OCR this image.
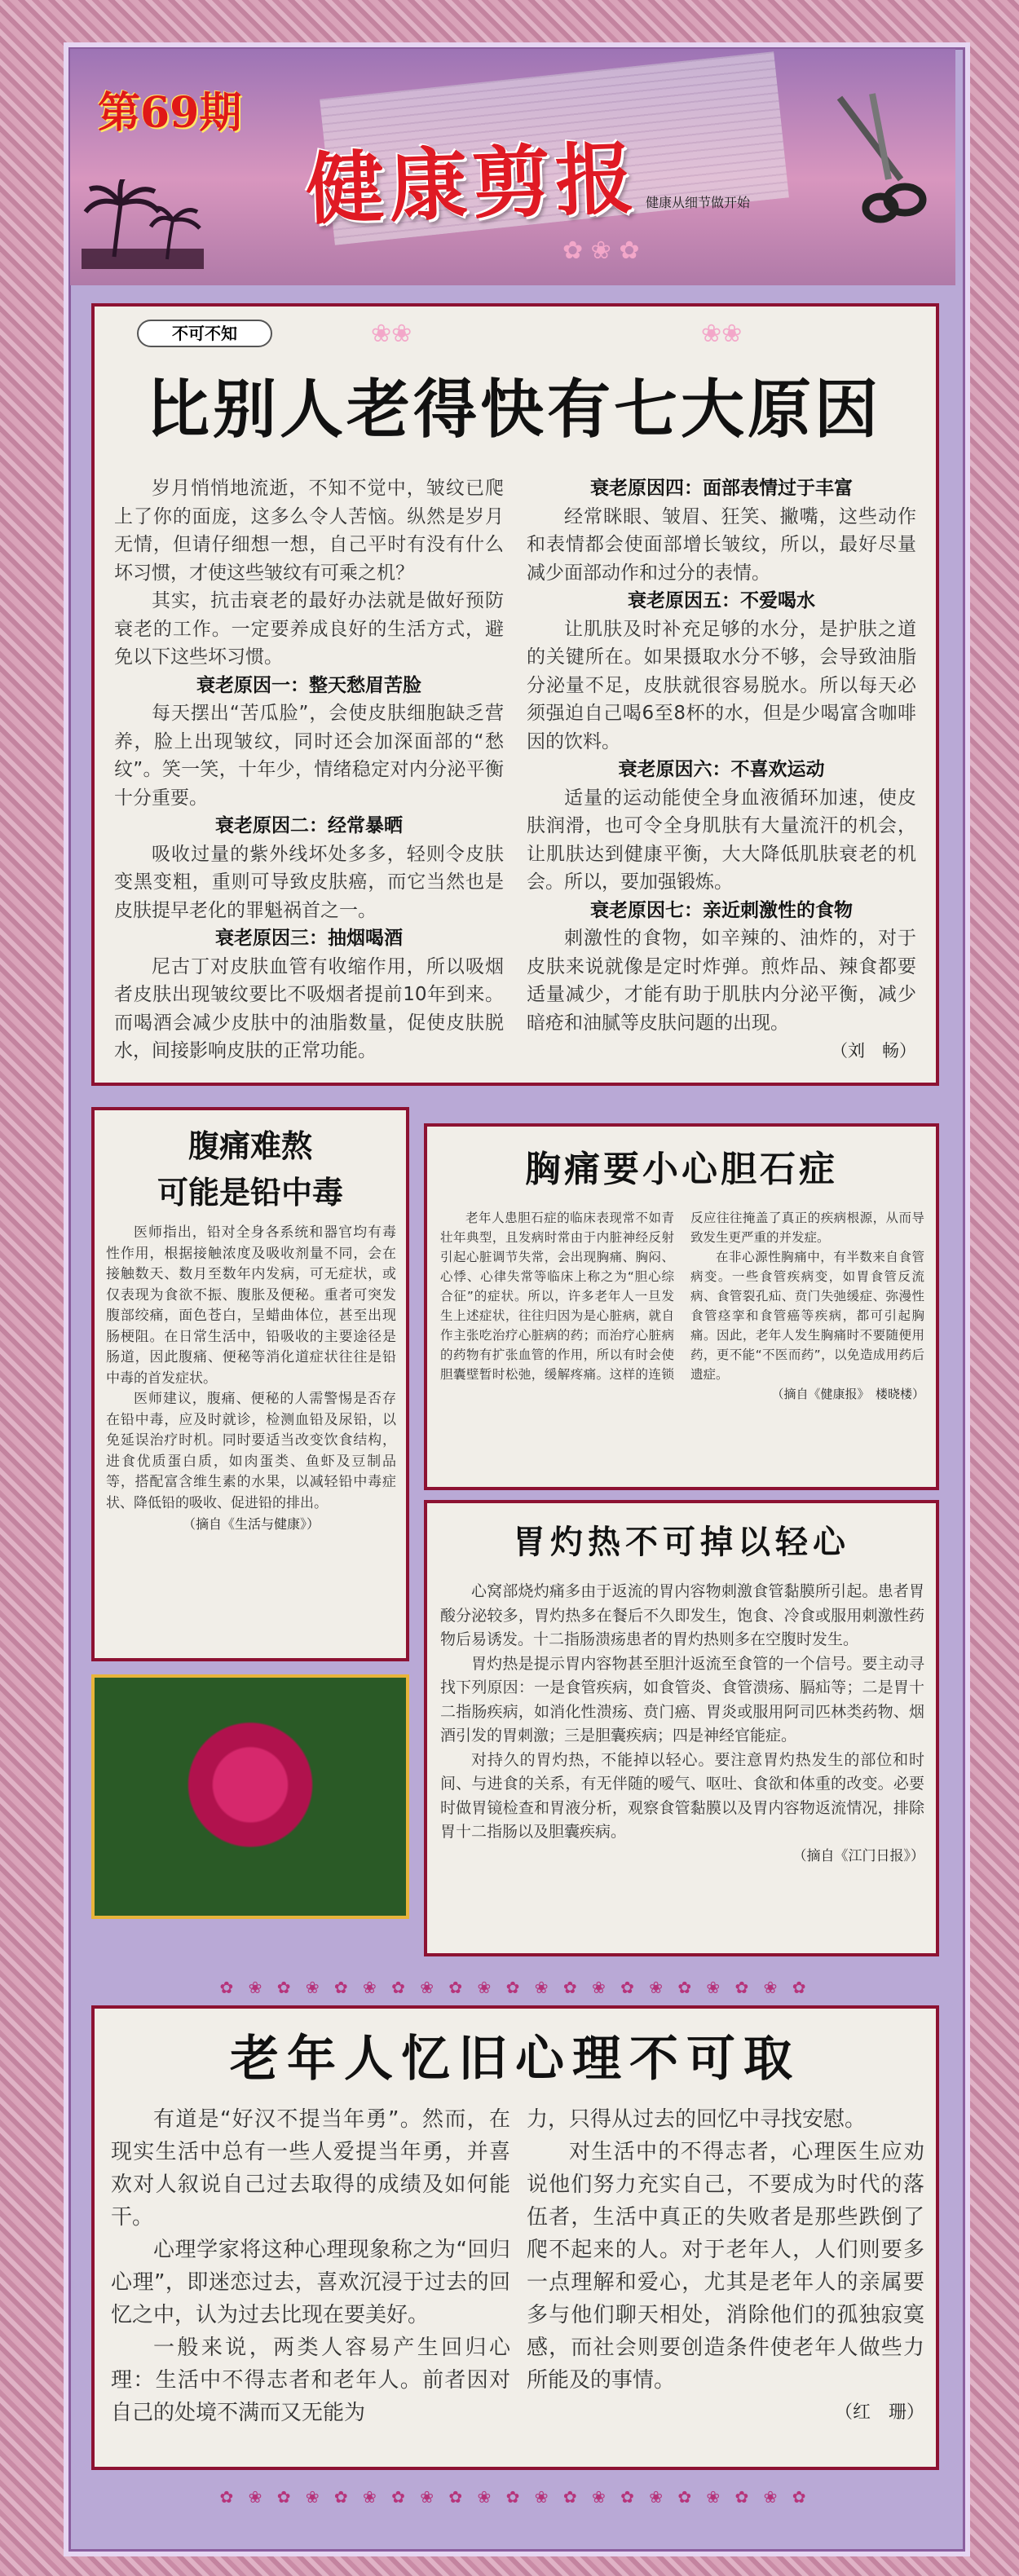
第69期
健康剪报 健康从细节做开始
✿ ❀ ✿
不可不知	❀❀	❀❀
比别人老得快有七大原因

岁月悄悄地流逝，不知不觉中，皱纹已爬上了你的面庞，这多么令人苦恼。纵然是岁月无情，但请仔细想一想，自己平时有没有什么坏习惯，才使这些皱纹有可乘之机？

其实，抗击衰老的最好办法就是做好预防衰老的工作。一定要养成良好的生活方式，避免以下这些坏习惯。

衰老原因一：整天愁眉苦脸

每天摆出“苦瓜脸”，会使皮肤细胞缺乏营养，脸上出现皱纹，同时还会加深面部的“愁纹”。笑一笑，十年少，情绪稳定对内分泌平衡十分重要。

衰老原因二：经常暴晒

吸收过量的紫外线坏处多多，轻则令皮肤变黑变粗，重则可导致皮肤癌，而它当然也是皮肤提早老化的罪魁祸首之一。

衰老原因三：抽烟喝酒

尼古丁对皮肤血管有收缩作用，所以吸烟者皮肤出现皱纹要比不吸烟者提前10年到来。而喝酒会减少皮肤中的油脂数量，促使皮肤脱水，间接影响皮肤的正常功能。

衰老原因四：面部表情过于丰富

经常眯眼、皱眉、狂笑、撇嘴，这些动作和表情都会使面部增长皱纹，所以，最好尽量减少面部动作和过分的表情。

衰老原因五：不爱喝水

让肌肤及时补充足够的水分，是护肤之道的关键所在。如果摄取水分不够，会导致油脂分泌量不足，皮肤就很容易脱水。所以每天必须强迫自己喝6至8杯的水，但是少喝富含咖啡因的饮料。

衰老原因六：不喜欢运动

适量的运动能使全身血液循环加速，使皮肤润滑，也可令全身肌肤有大量流汗的机会，让肌肤达到健康平衡，大大降低肌肤衰老的机会。所以，要加强锻炼。

衰老原因七：亲近刺激性的食物

刺激性的食物，如辛辣的、油炸的，对于皮肤来说就像是定时炸弹。煎炸品、辣食都要适量减少，才能有助于肌肤内分泌平衡，减少暗疮和油腻等皮肤问题的出现。

（刘　畅）
腹痛难熬
可能是铅中毒

医师指出，铅对全身各系统和器官均有毒性作用，根据接触浓度及吸收剂量不同，会在接触数天、数月至数年内发病，可无症状，或仅表现为食欲不振、腹胀及便秘。重者可突发腹部绞痛，面色苍白，呈蜡曲体位，甚至出现肠梗阻。在日常生活中，铅吸收的主要途径是肠道，因此腹痛、便秘等消化道症状往往是铅中毒的首发症状。

医师建议，腹痛、便秘的人需警惕是否存在铅中毒，应及时就诊，检测血铅及尿铅，以免延误治疗时机。同时要适当改变饮食结构，进食优质蛋白质，如肉蛋类、鱼虾及豆制品等，搭配富含维生素的水果，以减轻铅中毒症状、降低铅的吸收、促进铅的排出。

（摘自《生活与健康》）
胸痛要小心胆石症

老年人患胆石症的临床表现常不如青壮年典型，且发病时常由于内脏神经反射引起心脏调节失常，会出现胸痛、胸闷、心悸、心律失常等临床上称之为“胆心综合征”的症状。所以，许多老年人一旦发生上述症状，往往归因为是心脏病，就自作主张吃治疗心脏病的药；而治疗心脏病的药物有扩张血管的作用，所以有时会使胆囊壁暂时松弛，缓解疼痛。这样的连锁反应往往掩盖了真正的疾病根源，从而导致发生更严重的并发症。

在非心源性胸痛中，有半数来自食管病变。一些食管疾病变，如胃食管反流病、食管裂孔疝、贲门失弛缓症、弥漫性食管痉挛和食管癌等疾病，都可引起胸痛。因此，老年人发生胸痛时不要随便用药，更不能“不医而药”，以免造成用药后遗症。

（摘自《健康报》　楼晓楼）
胃灼热不可掉以轻心

心窝部烧灼痛多由于返流的胃内容物刺激食管黏膜所引起。患者胃酸分泌较多，胃灼热多在餐后不久即发生，饱食、冷食或服用刺激性药物后易诱发。十二指肠溃疡患者的胃灼热则多在空腹时发生。

胃灼热是提示胃内容物甚至胆汁返流至食管的一个信号。要主动寻找下列原因：一是食管疾病，如食管炎、食管溃疡、膈疝等；二是胃十二指肠疾病，如消化性溃疡、贲门癌、胃炎或服用阿司匹林类药物、烟酒引发的胃刺激；三是胆囊疾病；四是神经官能症。

对持久的胃灼热，不能掉以轻心。要注意胃灼热发生的部位和时间、与进食的关系，有无伴随的嗳气、呕吐、食欲和体重的改变。必要时做胃镜检查和胃液分析，观察食管黏膜以及胃内容物返流情况，排除胃十二指肠以及胆囊疾病。

（摘自《江门日报》）
✿ ❀ ✿ ❀ ✿ ❀ ✿ ❀ ✿ ❀ ✿ ❀ ✿ ❀ ✿ ❀ ✿ ❀ ✿ ❀ ✿
老年人忆旧心理不可取

有道是“好汉不提当年勇”。然而，在现实生活中总有一些人爱提当年勇，并喜欢对人叙说自己过去取得的成绩及如何能干。

心理学家将这种心理现象称之为“回归心理”，即迷恋过去，喜欢沉浸于过去的回忆之中，认为过去比现在要美好。

一般来说，两类人容易产生回归心理：生活中不得志者和老年人。前者因对自己的处境不满而又无能为

力，只得从过去的回忆中寻找安慰。

对生活中的不得志者，心理医生应劝说他们努力充实自己，不要成为时代的落伍者，生活中真正的失败者是那些跌倒了爬不起来的人。对于老年人，人们则要多一点理解和爱心，尤其是老年人的亲属要多与他们聊天相处，消除他们的孤独寂寞感，而社会则要创造条件使老年人做些力所能及的事情。

（红　珊）
✿ ❀ ✿ ❀ ✿ ❀ ✿ ❀ ✿ ❀ ✿ ❀ ✿ ❀ ✿ ❀ ✿ ❀ ✿ ❀ ✿
